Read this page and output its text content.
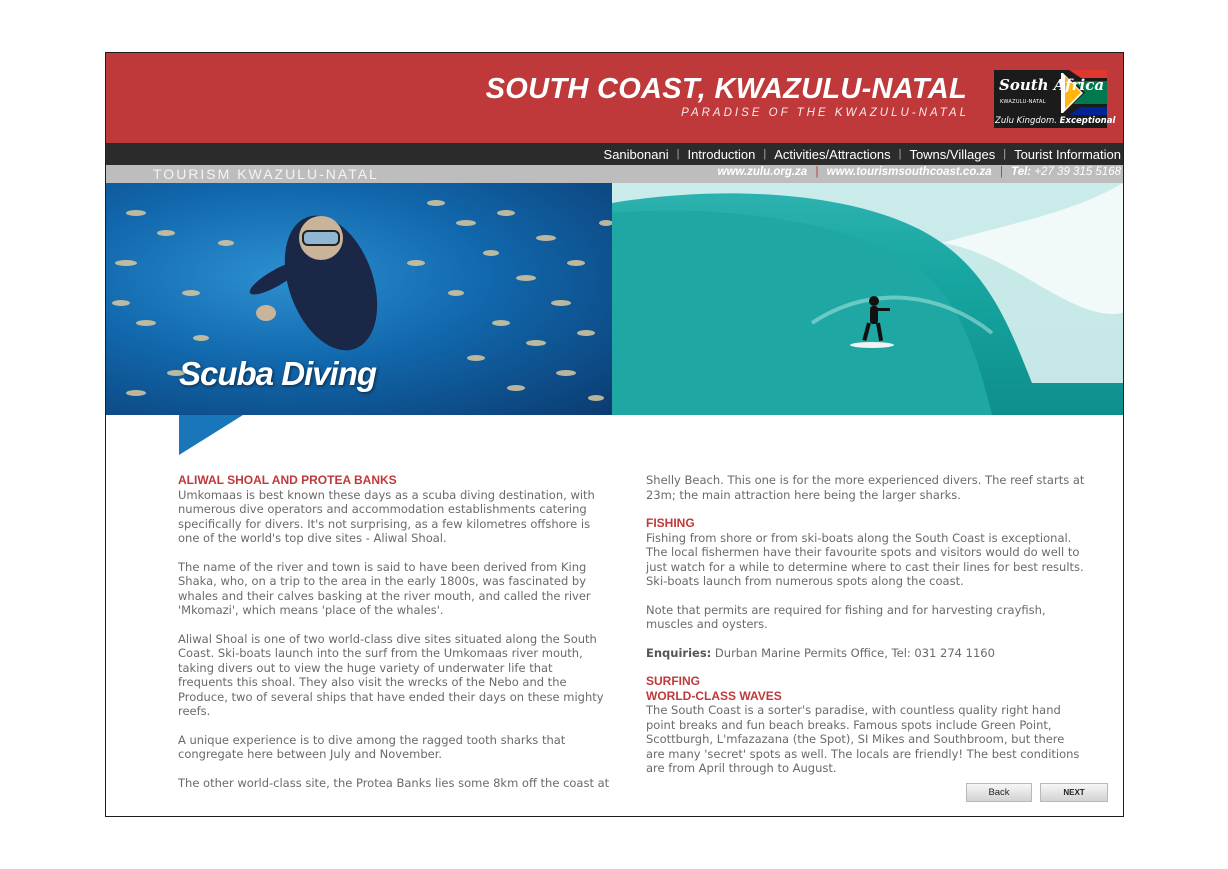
SOUTH COAST, KWAZULU-NATAL
PARADISE OF THE KWAZULU-NATAL
South Africa
KWAZULU-NATAL
Zulu Kingdom. Exceptional
Sanibonani | Introduction | Activities/Attractions | Towns/Villages | Tourist Information
TOURISM KWAZULU-NATAL	www.zulu.org.za | www.tourismsouthcoast.co.za | Tel: +27 39 315 5168
Scuba Diving
ALIWAL SHOAL AND PROTEA BANKS

Umkomaas is best known these days as a scuba diving destination, with numerous dive operators and accommodation establishments catering specifically for divers. It's not surprising, as a few kilometres offshore is one of the world's top dive sites - Aliwal Shoal.

The name of the river and town is said to have been derived from King Shaka, who, on a trip to the area in the early 1800s, was fascinated by whales and their calves basking at the river mouth, and called the river 'Mkomazi', which means 'place of the whales'.

Aliwal Shoal is one of two world-class dive sites situated along the South Coast. Ski-boats launch into the surf from the Umkomaas river mouth, taking divers out to view the huge variety of underwater life that frequents this shoal. They also visit the wrecks of the Nebo and the Produce, two of several ships that have ended their days on these mighty reefs.

A unique experience is to dive among the ragged tooth sharks that congregate here between July and November.

The other world-class site, the Protea Banks lies some 8km off the coast at

Shelly Beach. This one is for the more experienced divers. The reef starts at 23m; the main attraction here being the larger sharks.

FISHING

Fishing from shore or from ski-boats along the South Coast is exceptional. The local fishermen have their favourite spots and visitors would do well to just watch for a while to determine where to cast their lines for best results. Ski-boats launch from numerous spots along the coast.

Note that permits are required for fishing and for harvesting crayfish, muscles and oysters.

Enquiries: Durban Marine Permits Office, Tel: 031 274 1160

SURFING
WORLD-CLASS WAVES

The South Coast is a sorter's paradise, with countless quality right hand point breaks and fun beach breaks. Famous spots include Green Point, Scottburgh, L'mfazazana (the Spot), SI Mikes and Southbroom, but there are many 'secret' spots as well. The locals are friendly! The best conditions are from April through to August.

Back	NEXT
